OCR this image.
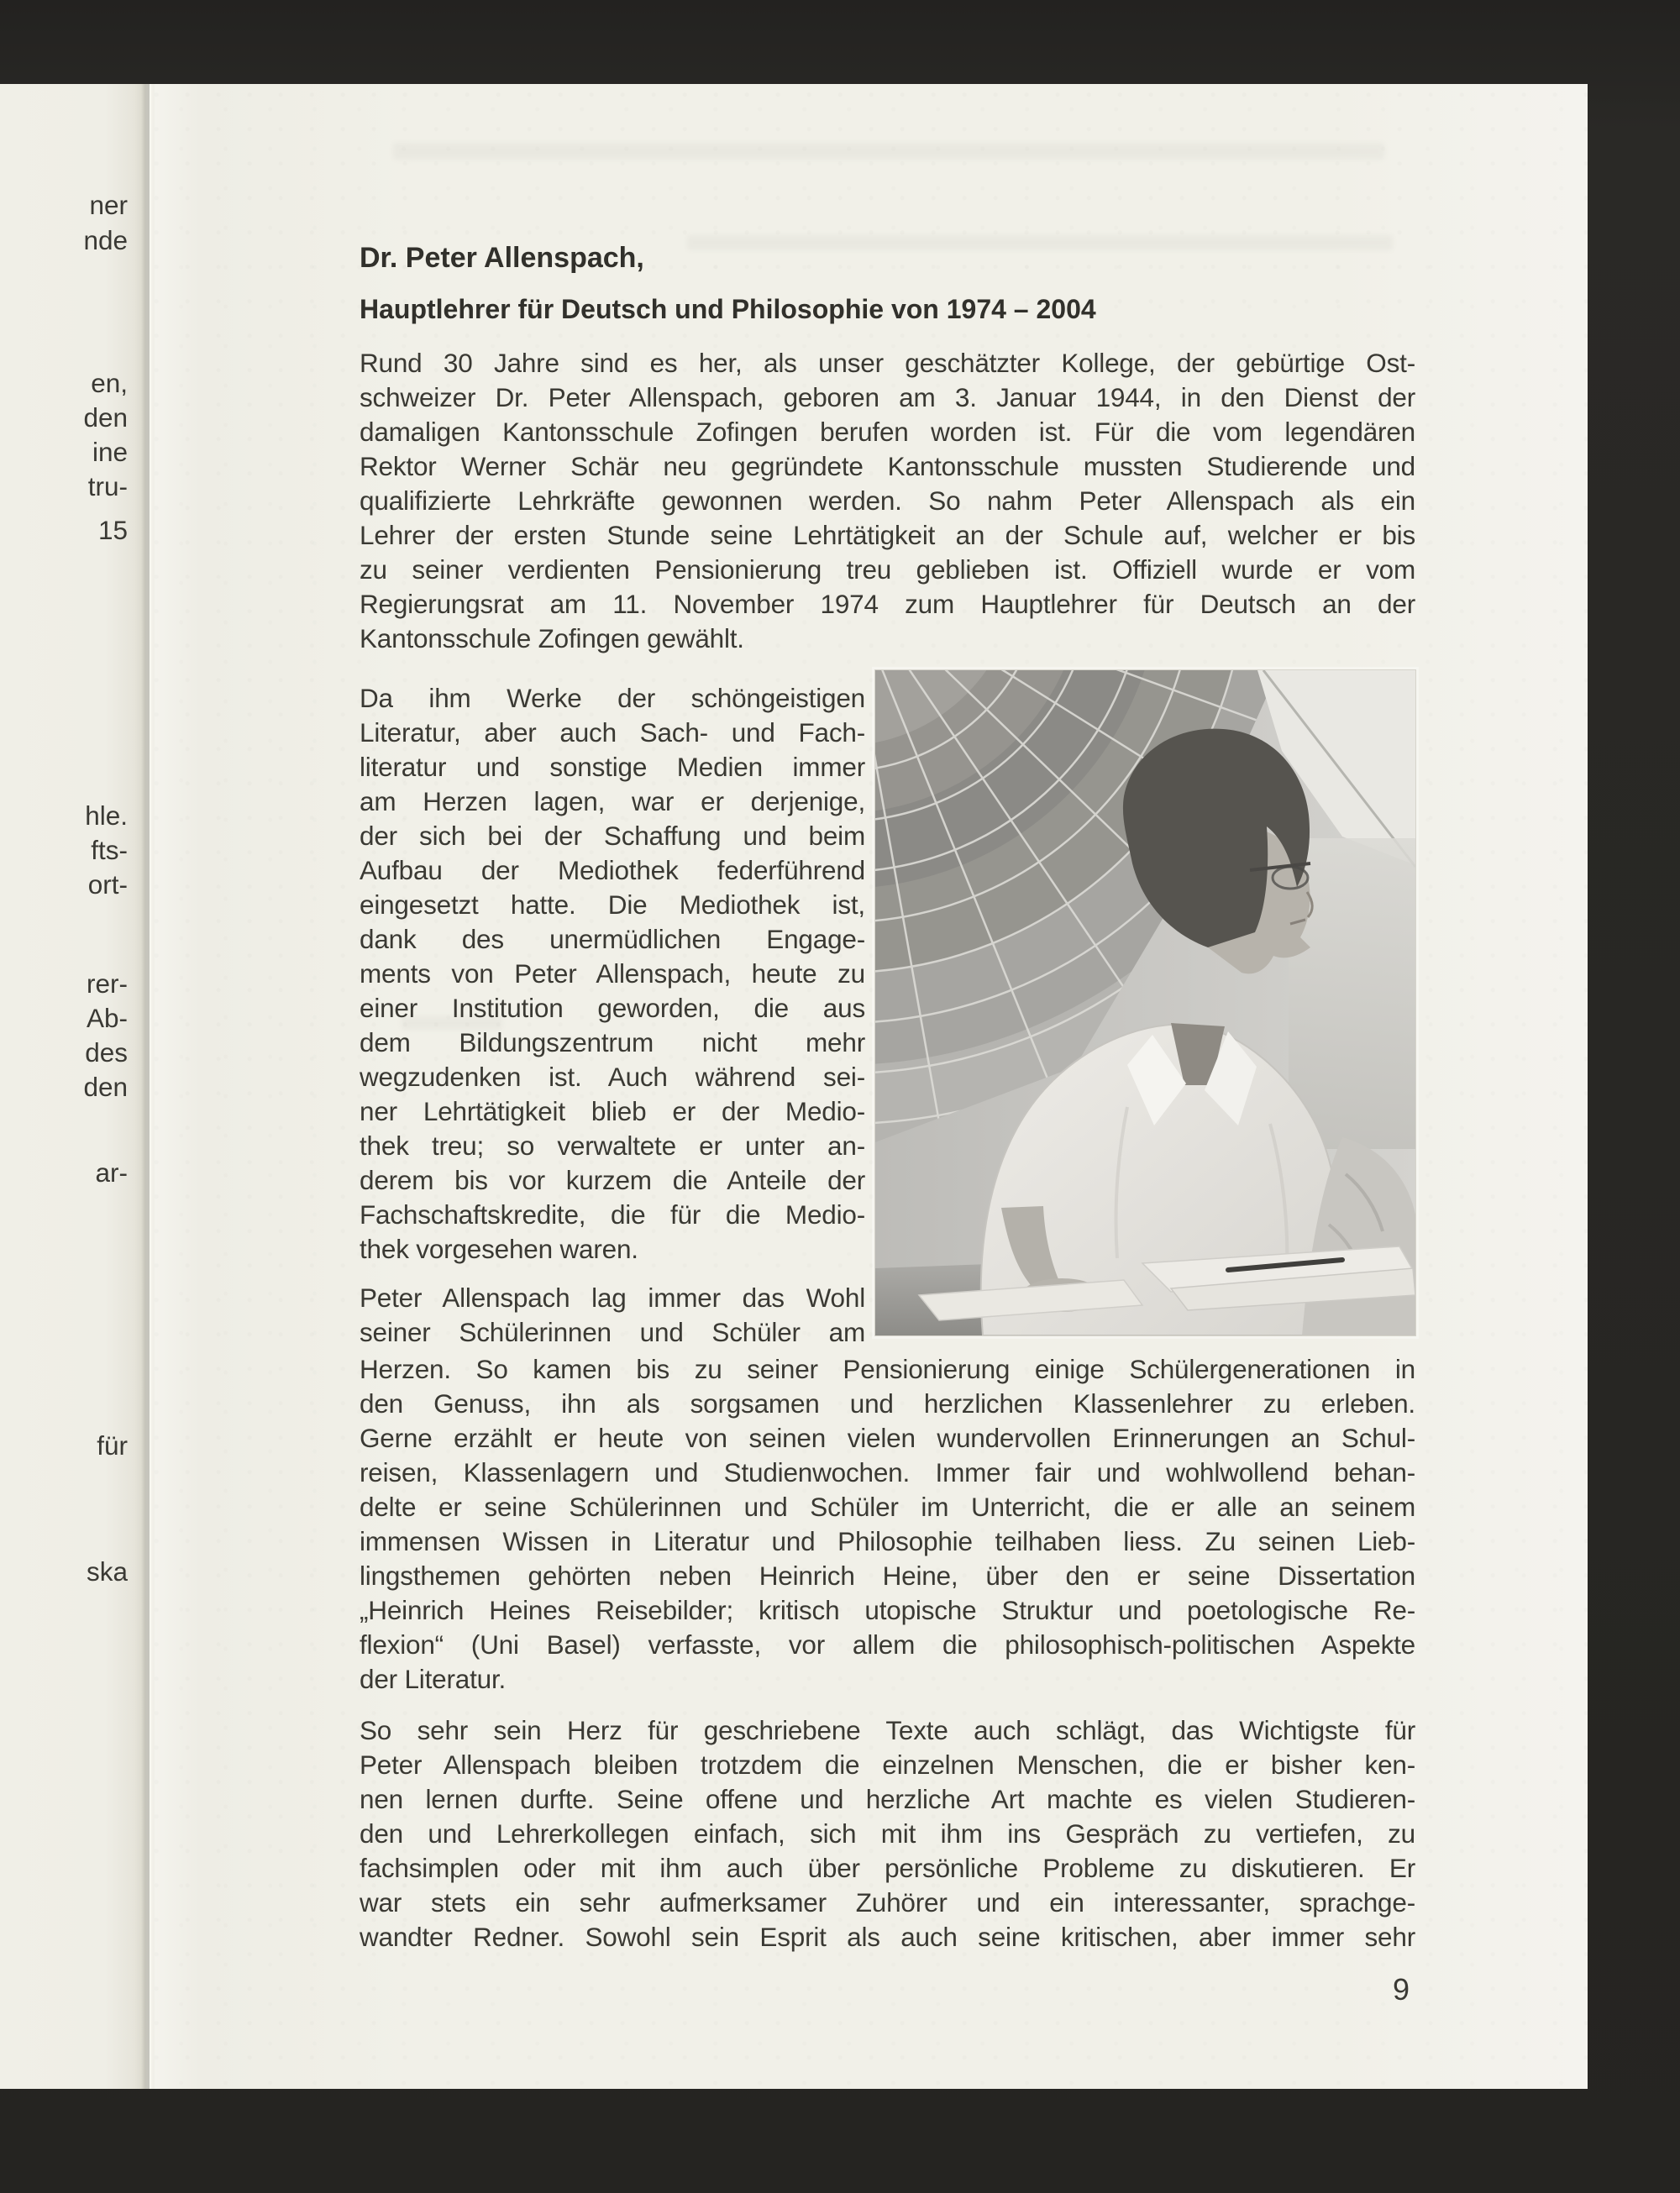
ner
nde
en,
den
ine
tru-
15
hle.
fts-
ort-
rer-
Ab-
des
den
ar-
für
ska
Dr. Peter Allenspach,
Hauptlehrer für Deutsch und Philosophie von 1974 – 2004
Rund 30 Jahre sind es her, als unser geschätzter Kollege, der gebürtige Ost-
schweizer Dr. Peter Allenspach, geboren am 3. Januar 1944, in den Dienst der
damaligen Kantonsschule Zofingen berufen worden ist. Für die vom legendären
Rektor Werner Schär neu gegründete Kantonsschule mussten Studierende und
qualifizierte Lehrkräfte gewonnen werden. So nahm Peter Allenspach als ein
Lehrer der ersten Stunde seine Lehrtätigkeit an der Schule auf, welcher er bis
zu seiner verdienten Pensionierung treu geblieben ist. Offiziell wurde er vom
Regierungsrat am 11. November 1974 zum Hauptlehrer für Deutsch an der
Kantonsschule Zofingen gewählt.
Da ihm Werke der schöngeistigen
Literatur, aber auch Sach- und Fach-
literatur und sonstige Medien immer
am Herzen lagen, war er derjenige,
der sich bei der Schaffung und beim
Aufbau der Mediothek federführend
eingesetzt hatte. Die Mediothek ist,
dank des unermüdlichen Engage-
ments von Peter Allenspach, heute zu
einer Institution geworden, die aus
dem Bildungszentrum nicht mehr
wegzudenken ist. Auch während sei-
ner Lehrtätigkeit blieb er der Medio-
thek treu; so verwaltete er unter an-
derem bis vor kurzem die Anteile der
Fachschaftskredite, die für die Medio-
thek vorgesehen waren.
Peter Allenspach lag immer das Wohl
seiner Schülerinnen und Schüler am
Herzen. So kamen bis zu seiner Pensionierung einige Schülergenerationen in
den Genuss, ihn als sorgsamen und herzlichen Klassenlehrer zu erleben.
Gerne erzählt er heute von seinen vielen wundervollen Erinnerungen an Schul-
reisen, Klassenlagern und Studienwochen. Immer fair und wohlwollend behan-
delte er seine Schülerinnen und Schüler im Unterricht, die er alle an seinem
immensen Wissen in Literatur und Philosophie teilhaben liess. Zu seinen Lieb-
lingsthemen gehörten neben Heinrich Heine, über den er seine Dissertation
„Heinrich Heines Reisebilder; kritisch utopische Struktur und poetologische Re-
flexion“ (Uni Basel) verfasste, vor allem die philosophisch-politischen Aspekte
der Literatur.
So sehr sein Herz für geschriebene Texte auch schlägt, das Wichtigste für
Peter Allenspach bleiben trotzdem die einzelnen Menschen, die er bisher ken-
nen lernen durfte. Seine offene und herzliche Art machte es vielen Studieren-
den und Lehrerkollegen einfach, sich mit ihm ins Gespräch zu vertiefen, zu
fachsimplen oder mit ihm auch über persönliche Probleme zu diskutieren. Er
war stets ein sehr aufmerksamer Zuhörer und ein interessanter, sprachge-
wandter Redner. Sowohl sein Esprit als auch seine kritischen, aber immer sehr
9
